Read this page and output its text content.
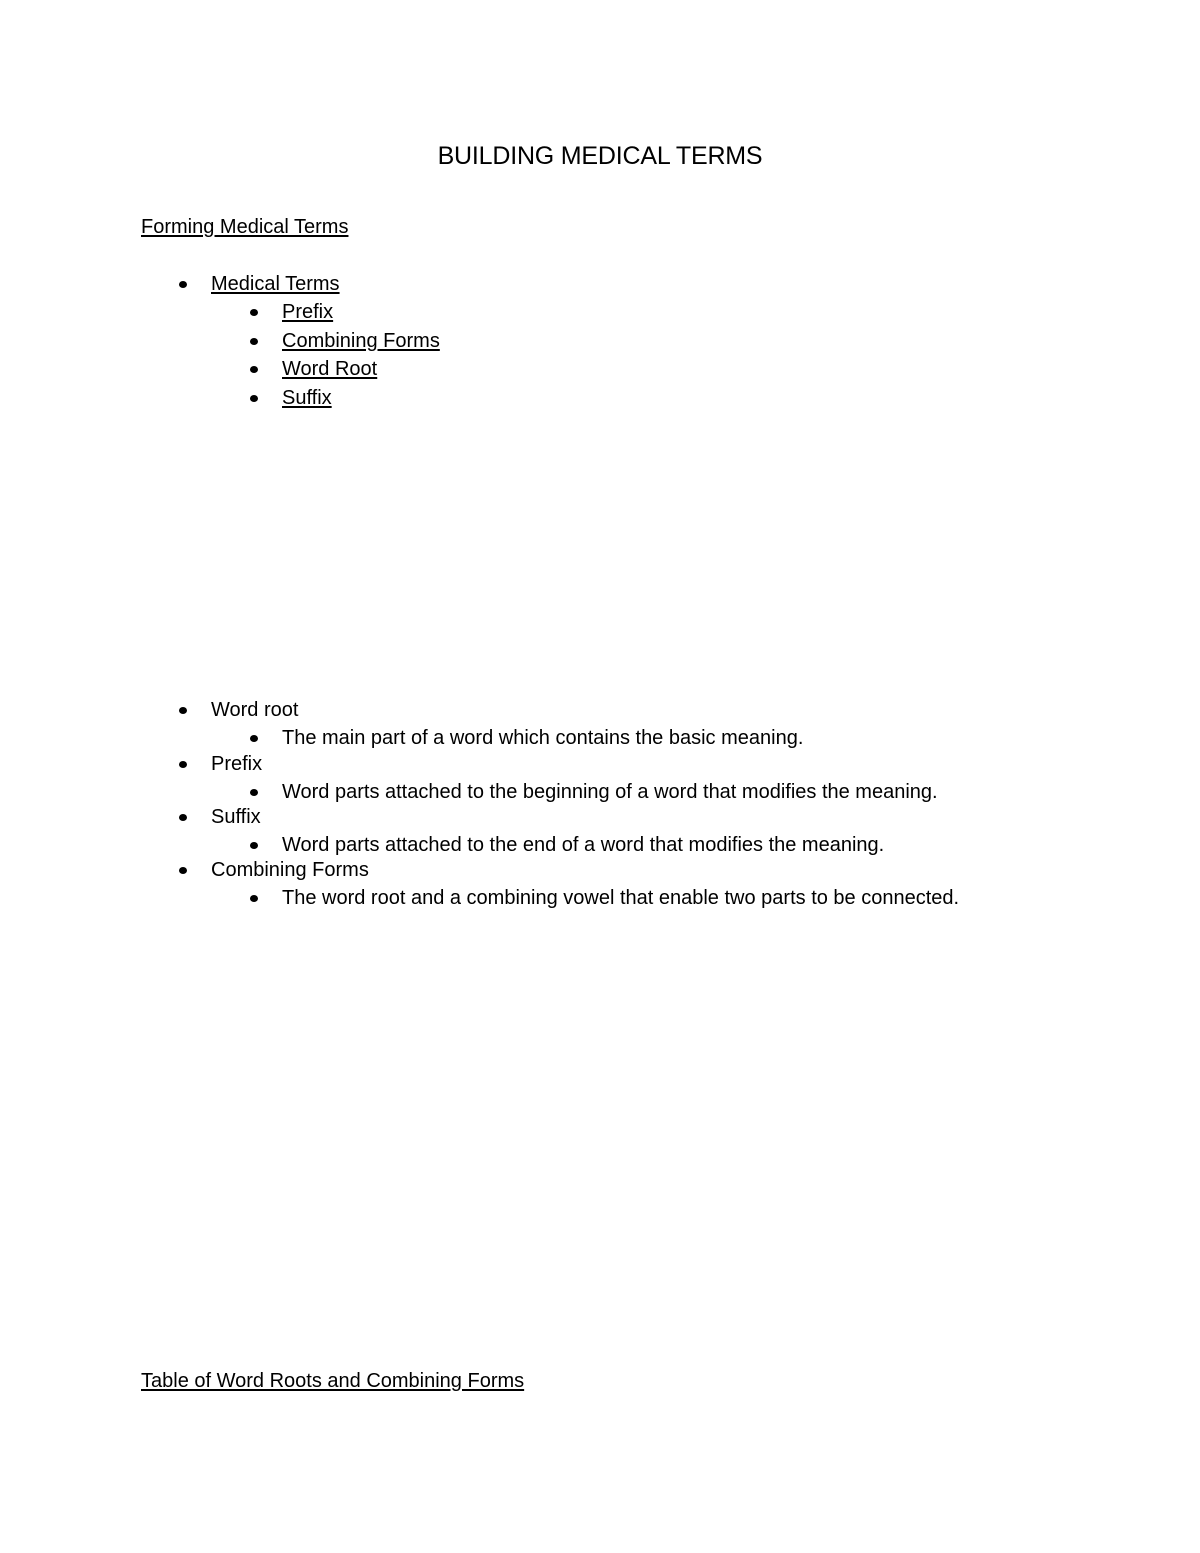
BUILDING MEDICAL TERMS
Forming Medical Terms
Medical Terms
Prefix
Combining Forms
Word Root
Suffix
Word root
The main part of a word which contains the basic meaning.
Prefix
Word parts attached to the beginning of a word that modifies the meaning.
Suffix
Word parts attached to the end of a word that modifies the meaning.
Combining Forms
The word root and a combining vowel that enable two parts to be connected.
Table of Word Roots and Combining Forms
